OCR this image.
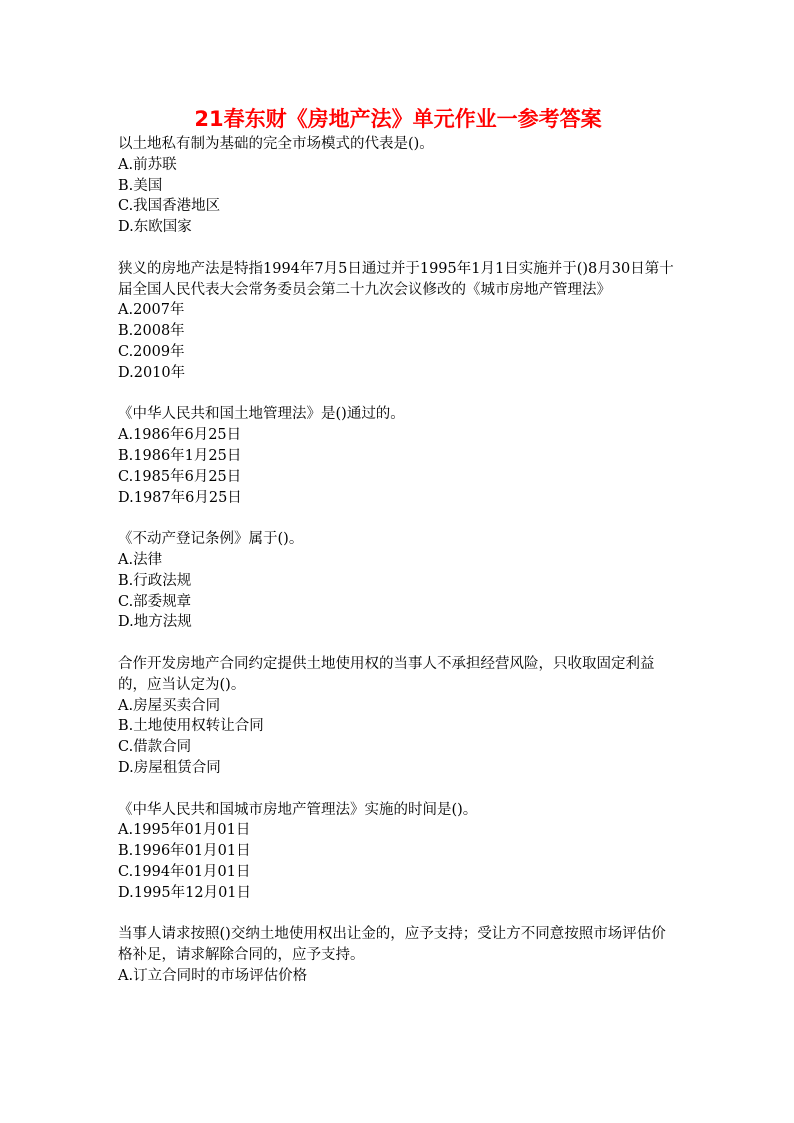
21春东财《房地产法》单元作业一参考答案

以土地私有制为基础的完全市场模式的代表是()。

A.前苏联

B.美国

C.我国香港地区

D.东欧国家

狭义的房地产法是特指1994年7月5日通过并于1995年1月1日实施并于()8月30日第十届全国人民代表大会常务委员会第二十九次会议修改的《城市房地产管理法》

A.2007年

B.2008年

C.2009年

D.2010年

《中华人民共和国土地管理法》是()通过的。

A.1986年6月25日

B.1986年1月25日

C.1985年6月25日

D.1987年6月25日

《不动产登记条例》属于()。

A.法律

B.行政法规

C.部委规章

D.地方法规

合作开发房地产合同约定提供土地使用权的当事人不承担经营风险，只收取固定利益的，应当认定为()。

A.房屋买卖合同

B.土地使用权转让合同

C.借款合同

D.房屋租赁合同

《中华人民共和国城市房地产管理法》实施的时间是()。

A.1995年01月01日

B.1996年01月01日

C.1994年01月01日

D.1995年12月01日

当事人请求按照()交纳土地使用权出让金的，应予支持；受让方不同意按照市场评估价格补足，请求解除合同的，应予支持。

A.订立合同时的市场评估价格
